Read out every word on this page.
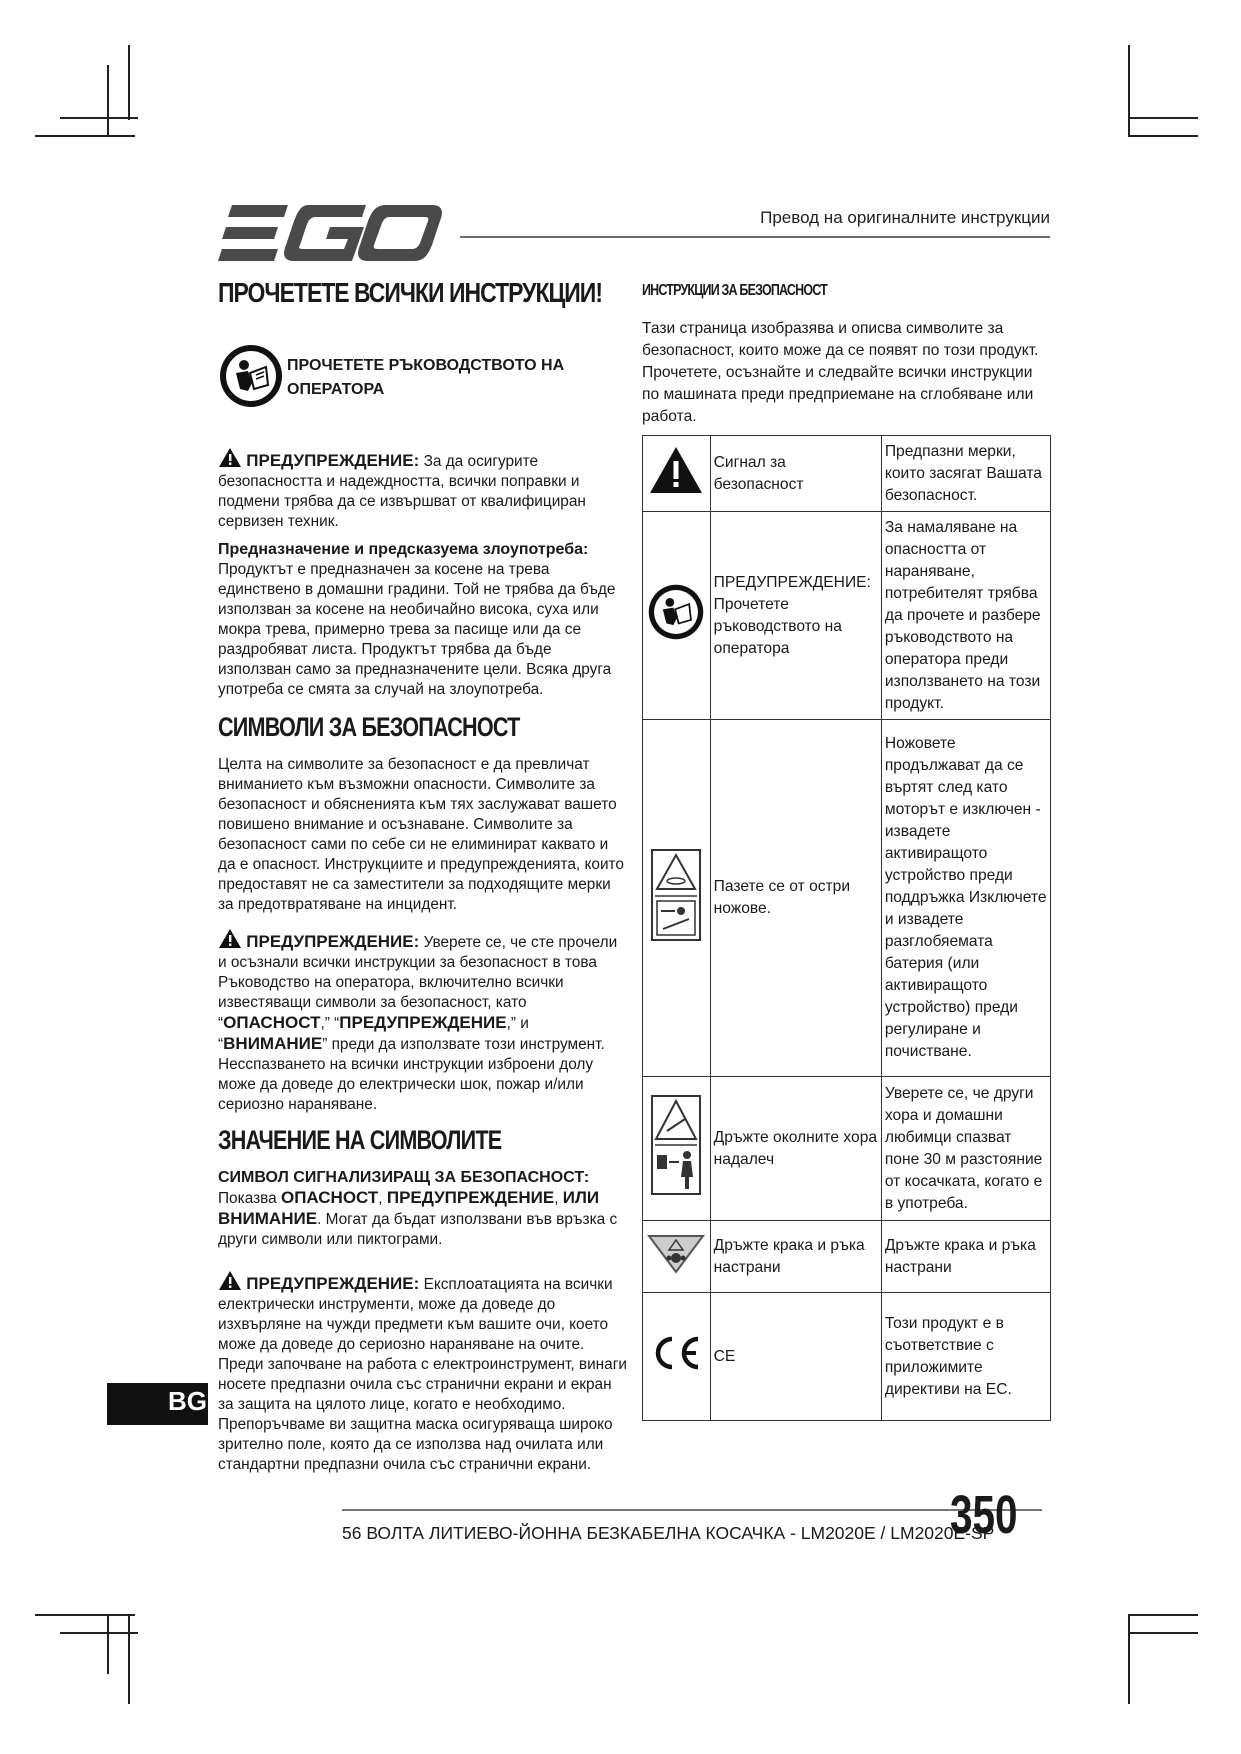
Превод на оригиналните инструкции
ПРОЧЕТЕТЕ ВСИЧКИ ИНСТРУКЦИИ!
ПРОЧЕТЕТЕ РЪКОВОДСТВОТО НА
ОПЕРАТОРА

ПРЕДУПРЕЖДЕНИЕ: За да осигурите безопасността и надеждността, всички поправки и подмени трябва да се извършват от квалифициран сервизен техник.

Предназначение и предсказуема злоупотреба:

Продуктът е предназначен за косене на трева единствено в домашни градини. Той не трябва да бъде използван за косене на необичайно висока, суха или мокра трева, примерно трева за пасище или да се раздробяват листа. Продуктът трябва да бъде използван само за предназначените цели. Всяка друга употреба се смята за случай на злоупотреба.

СИМВОЛИ ЗА БЕЗОПАСНОСТ
Целта на символите за безопасност е да превличат вниманието към възможни опасности. Символите за безопасност и обясненията към тях заслужават вашето повишено внимание и осъзнаване. Символите за безопасност сами по себе си не елиминират каквато и да е опасност. Инструкциите и предупрежденията, които предоставят не са заместители за подходящите мерки за предотвратяване на инцидент.

ПРЕДУПРЕЖДЕНИЕ: Уверете се, че сте прочели и осъзнали всички инструкции за безопасност в това Ръководство на оператора, включително всички известяващи символи за безопасност, като “ОПАСНОСТ,” “ПРЕДУПРЕЖДЕНИЕ,” и “ВНИМАНИЕ” преди да използвате този инструмент. Несспазването на всички инструкции изброени долу може да доведе до електрически шок, пожар и/или сериозно нараняване.

ЗНАЧЕНИЕ НА СИМВОЛИТЕ

СИМВОЛ СИГНАЛИЗИРАЩ ЗА БЕЗОПАСНОСТ:

Показва ОПАСНОСТ, ПРЕДУПРЕЖДЕНИЕ, ИЛИ ВНИМАНИЕ. Могат да бъдат използвани във връзка с други символи или пиктограми.

ПРЕДУПРЕЖДЕНИЕ: Експлоатацията на всички електрически инструменти, може да доведе до изхвърляне на чужди предмети към вашите очи, което може да доведе до сериозно нараняване на очите. Преди започване на работа с електроинструмент, винаги носете предпазни очила със странични екрани и екран за защита на цялото лице, когато е необходимо. Препоръчваме ви защитна маска осигуряваща широко зрително поле, която да се използва над очилата или стандартни предпазни очила със странични екрани.

ИНСТРУКЦИИ ЗА БЕЗОПАСНОСТ
Тази страница изобразява и описва символите за безопасност, които може да се появят по този продукт. Прочетете, осъзнайте и следвайте всички инструкции по машината преди предприемане на сглобяване или работа.
	Сигнал за безопасност	Предпазни мерки, които засягат Вашата безопасност.
	ПРЕДУПРЕЖДЕНИЕ: Прочетете ръководството на оператора	За намаляване на опасността от нараняване, потребителят трябва да прочете и разбере ръководството на оператора преди използването на този продукт.
	Пазете се от остри ножове.	Ножовете продължават да се въртят след като моторът е изключен - извадете активиращото устройство преди поддръжка Изключете и извадете разглобяемата батерия (или активиращото устройство) преди регулиране и почистване.
	Дръжте околните хора надалеч	Уверете се, че други хора и домашни любимци спазват поне 30 м разстояние от косачката, когато е в употреба.
	Дръжте крака и ръка настрани	Дръжте крака и ръка настрани
	CE	Този продукт е в съответствие с приложимите директиви на ЕС.
BG
56 ВОЛТА ЛИТИЕВО-ЙОННА БЕЗКАБЕЛНА КОСАЧКА - LM2020E / LM2020E-SP
350
